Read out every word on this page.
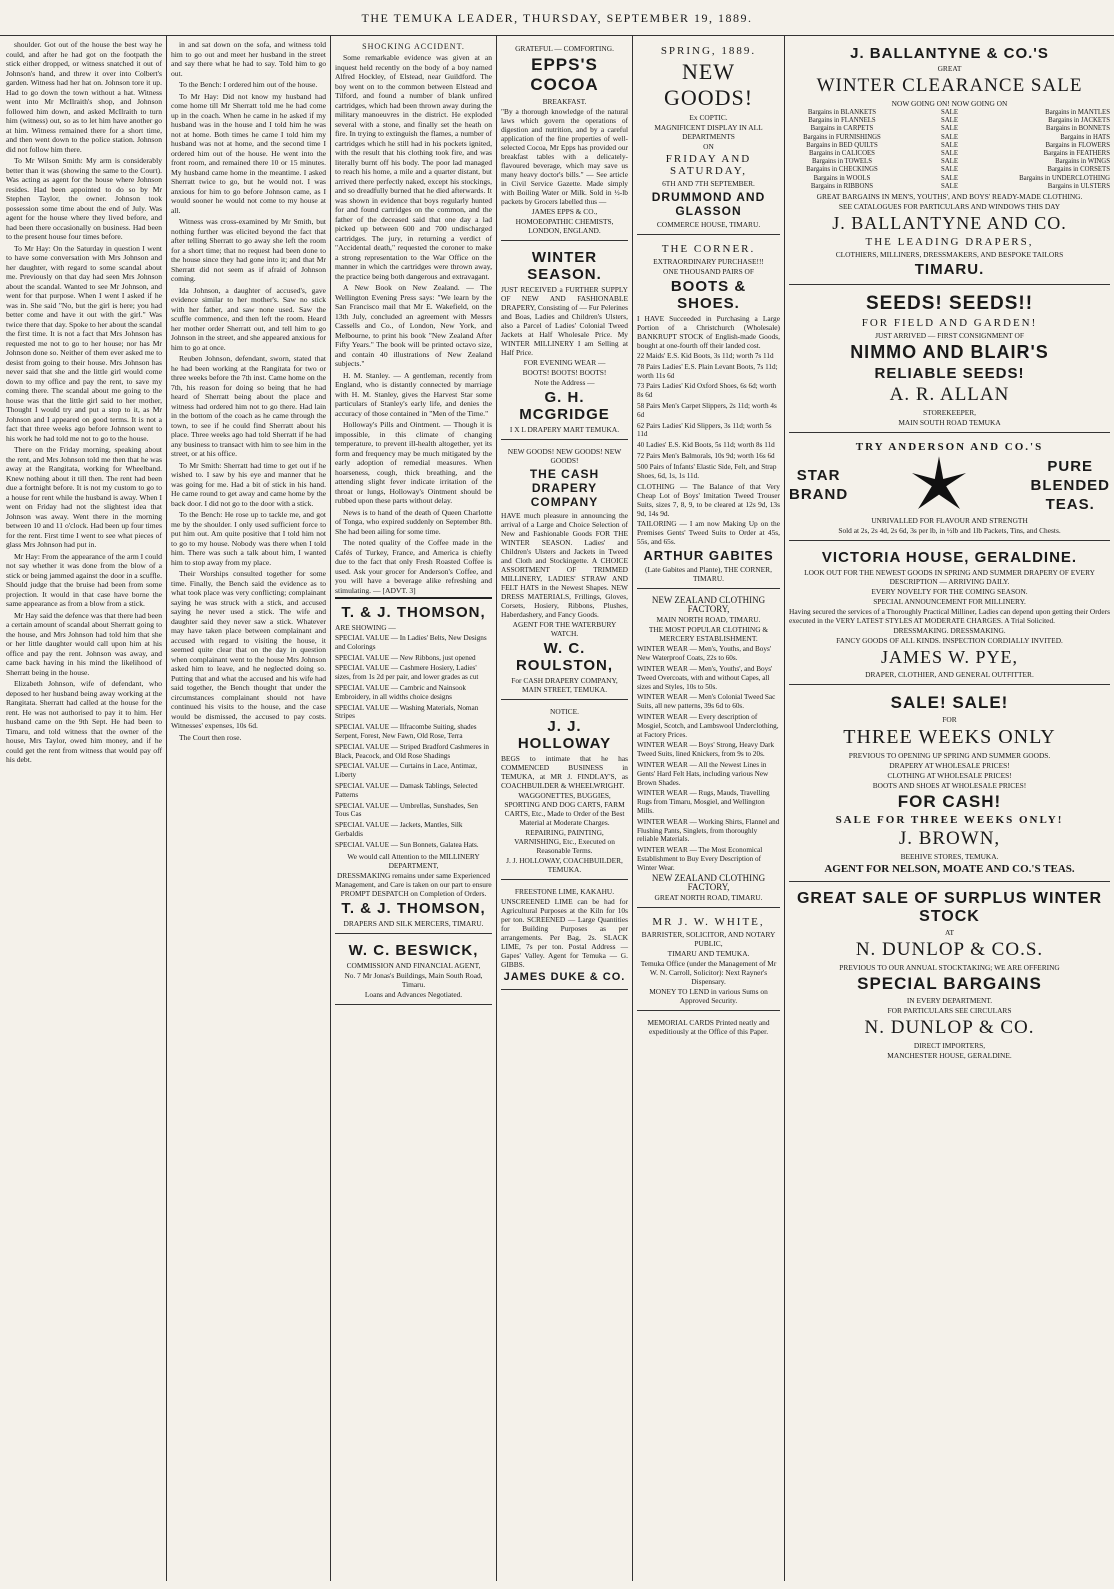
THE TEMUKA LEADER, THURSDAY, SEPTEMBER 19, 1889.

shoulder. Got out of the house the best way he could, and after he had got on the footpath the stick either dropped, or witness snatched it out of Johnson's hand, and threw it over into Colbert's garden. Witness had her hat on. Johnson tore it up. Had to go down the town without a hat. Witness went into Mr McIlraith's shop, and Johnson followed him down, and asked McIlraith to turn him (witness) out, so as to let him have another go at him. Witness remained there for a short time, and then went down to the police station. Johnson did not follow him there.

To Mr Wilson Smith: My arm is considerably better than it was (showing the same to the Court). Was acting as agent for the house where Johnson resides. Had been appointed to do so by Mr Stephen Taylor, the owner. Johnson took possession some time about the end of July. Was agent for the house where they lived before, and had been there occasionally on business. Had been to the present house four times before.

To Mr Hay: On the Saturday in question I went to have some conversation with Mrs Johnson and her daughter, with regard to some scandal about me. Previously on that day had seen Mrs Johnson about the scandal. Wanted to see Mr Johnson, and went for that purpose. When I went I asked if he was in. She said "No, but the girl is here; you had better come and have it out with the girl." Was twice there that day. Spoke to her about the scandal the first time. It is not a fact that Mrs Johnson has requested me not to go to her house; nor has Mr Johnson done so. Neither of them ever asked me to desist from going to their house. Mrs Johnson has never said that she and the little girl would come down to my office and pay the rent, to save my coming there. The scandal about me going to the house was that the little girl said to her mother, Thought I would try and put a stop to it, as Mr Johnson and I appeared on good terms. It is not a fact that three weeks ago before Johnson went to his work he had told me not to go to the house.

There on the Friday morning, speaking about the rent, and Mrs Johnson told me then that he was away at the Rangitata, working for Wheelband. Knew nothing about it till then. The rent had been due a fortnight before. It is not my custom to go to a house for rent while the husband is away. When I went on Friday had not the slightest idea that Johnson was away. Went there in the morning between 10 and 11 o'clock. Had been up four times for the rent. First time I went to see what pieces of glass Mrs Johnson had put in.

Mr Hay: From the appearance of the arm I could not say whether it was done from the blow of a stick or being jammed against the door in a scuffle. Should judge that the bruise had been from some projection. It would in that case have borne the same appearance as from a blow from a stick.

Mr Hay said the defence was that there had been a certain amount of scandal about Sherratt going to the house, and Mrs Johnson had told him that she or her little daughter would call upon him at his office and pay the rent. Johnson was away, and came back having in his mind the likelihood of Sherratt being in the house.

Elizabeth Johnson, wife of defendant, who deposed to her husband being away working at the Rangitata. Sherratt had called at the house for the rent. He was not authorised to pay it to him. Her husband came on the 9th Sept. He had been to Timaru, and told witness that the owner of the house, Mrs Taylor, owed him money, and if he could get the rent from witness that would pay off his debt.

in and sat down on the sofa, and witness told him to go out and meet her husband in the street and say there what he had to say. Told him to go out.

To the Bench: I ordered him out of the house.

To Mr Hay: Did not know my husband had come home till Mr Sherratt told me he had come up in the coach. When he came in he asked if my husband was in the house and I told him he was not at home. Both times he came I told him my husband was not at home, and the second time I ordered him out of the house. He went into the front room, and remained there 10 or 15 minutes. My husband came home in the meantime. I asked Sherratt twice to go, but he would not. I was anxious for him to go before Johnson came, as I would sooner he would not come to my house at all.

Witness was cross-examined by Mr Smith, but nothing further was elicited beyond the fact that after telling Sherratt to go away she left the room for a short time; that no request had been done to the house since they had gone into it; and that Mr Sherratt did not seem as if afraid of Johnson coming.

Ida Johnson, a daughter of accused's, gave evidence similar to her mother's. Saw no stick with her father, and saw none used. Saw the scuffle commence, and then left the room. Heard her mother order Sherratt out, and tell him to go Johnson in the street, and she appeared anxious for him to go at once.

Reuben Johnson, defendant, sworn, stated that he had been working at the Rangitata for two or three weeks before the 7th inst. Came home on the 7th, his reason for doing so being that he had heard of Sherratt being about the place and witness had ordered him not to go there. Had lain in the bottom of the coach as he came through the town, to see if he could find Sherratt about his place. Three weeks ago had told Sherratt if he had any business to transact with him to see him in the street, or at his office.

To Mr Smith: Sherratt had time to get out if he wished to. I saw by his eye and manner that he was going for me. Had a bit of stick in his hand. He came round to get away and came home by the back door. I did not go to the door with a stick.

To the Bench: He rose up to tackle me, and got me by the shoulder. I only used sufficient force to put him out. Am quite positive that I told him not to go to my house. Nobody was there when I told him. There was such a talk about him, I wanted him to stop away from my place.

Their Worships consulted together for some time. Finally, the Bench said the evidence as to what took place was very conflicting; complainant saying he was struck with a stick, and accused saying he never used a stick. The wife and daughter said they never saw a stick. Whatever may have taken place between complainant and accused with regard to visiting the house, it seemed quite clear that on the day in question when complainant went to the house Mrs Johnson asked him to leave, and he neglected doing so. Putting that and what the accused and his wife had said together, the Bench thought that under the circumstances complainant should not have continued his visits to the house, and the case would be dismissed, the accused to pay costs. Witnesses' expenses, 10s 6d.

The Court then rose.

SHOCKING ACCIDENT.

Some remarkable evidence was given at an inquest held recently on the body of a boy named Alfred Hockley, of Elstead, near Guildford. The boy went on to the common between Elstead and Tilford, and found a number of blank unfired cartridges, which had been thrown away during the military manoeuvres in the district. He exploded several with a stone, and finally set the heath on fire. In trying to extinguish the flames, a number of cartridges which he still had in his pockets ignited, with the result that his clothing took fire, and was literally burnt off his body. The poor lad managed to reach his home, a mile and a quarter distant, but arrived there perfectly naked, except his stockings, and so dreadfully burned that he died afterwards. It was shown in evidence that boys regularly hunted for and found cartridges on the common, and the father of the deceased said that one day a lad picked up between 600 and 700 undischarged cartridges. The jury, in returning a verdict of "Accidental death," requested the coroner to make a strong representation to the War Office on the manner in which the cartridges were thrown away, the practice being both dangerous and extravagant.

A New Book on New Zealand. — The Wellington Evening Press says: "We learn by the San Francisco mail that Mr E. Wakefield, on the 13th July, concluded an agreement with Messrs Cassells and Co., of London, New York, and Melbourne, to print his book "New Zealand After Fifty Years." The book will be printed octavo size, and contain 40 illustrations of New Zealand subjects."

H. M. Stanley. — A gentleman, recently from England, who is distantly connected by marriage with H. M. Stanley, gives the Harvest Star some particulars of Stanley's early life, and denies the accuracy of those contained in "Men of the Time."

Holloway's Pills and Ointment. — Though it is impossible, in this climate of changing temperature, to prevent ill-health altogether, yet its form and frequency may be much mitigated by the early adoption of remedial measures. When hoarseness, cough, thick breathing, and the attending slight fever indicate irritation of the throat or lungs, Holloway's Ointment should be rubbed upon these parts without delay.

News is to hand of the death of Queen Charlotte of Tonga, who expired suddenly on September 8th. She had been ailing for some time.

The noted quality of the Coffee made in the Cafés of Turkey, France, and America is chiefly due to the fact that only Fresh Roasted Coffee is used. Ask your grocer for Anderson's Coffee, and you will have a beverage alike refreshing and stimulating. — [ADVT. 3]

T. & J. THOMSON,
ARE SHOWING —
SPECIAL VALUE — In Ladies' Belts, New Designs and Colorings
SPECIAL VALUE — New Ribbons, just opened
SPECIAL VALUE — Cashmere Hosiery, Ladies' sizes, from 1s 2d per pair, and lower grades as cut
SPECIAL VALUE — Cambric and Nainsook Embroidery, in all widths choice designs
SPECIAL VALUE — Washing Materials, Noman Stripes
SPECIAL VALUE — Ilfracombe Suiting, shades Serpent, Forest, New Fawn, Old Rose, Terra
SPECIAL VALUE — Striped Bradford Cashmeres in Black, Peacock, and Old Rose Shadings
SPECIAL VALUE — Curtains in Lace, Antimaz, Liberty
SPECIAL VALUE — Damask Tablings, Selected Patterns
SPECIAL VALUE — Umbrellas, Sunshades, Sen Tous Cas
SPECIAL VALUE — Jackets, Mantles, Silk Gerbaldis
SPECIAL VALUE — Sun Bonnets, Galatea Hats.
We would call Attention to the MILLINERY DEPARTMENT,
DRESSMAKING remains under same Experienced Management, and Care is taken on our part to ensure PROMPT DESPATCH on Completion of Orders.
T. & J. THOMSON,
DRAPERS AND SILK MERCERS, TIMARU.
W. C. BESWICK,
COMMISSION AND FINANCIAL AGENT,
No. 7 Mr Jonas's Buildings, Main South Road, Timaru.
Loans and Advances Negotiated.
GRATEFUL — COMFORTING.
EPPS'S COCOA
BREAKFAST.
"By a thorough knowledge of the natural laws which govern the operations of digestion and nutrition, and by a careful application of the fine properties of well-selected Cocoa, Mr Epps has provided our breakfast tables with a delicately-flavoured beverage, which may save us many heavy doctor's bills." — See article in Civil Service Gazette. Made simply with Boiling Water or Milk. Sold in ½-lb packets by Grocers labelled thus —
JAMES EPPS & CO.,
HOMOEOPATHIC CHEMISTS, LONDON, ENGLAND.
WINTER SEASON.
JUST RECEIVED a FURTHER SUPPLY OF NEW AND FASHIONABLE DRAPERY, Consisting of — Fur Pelerines and Boas, Ladies and Children's Ulsters, also a Parcel of Ladies' Colonial Tweed Jackets at Half Wholesale Price. My WINTER MILLINERY I am Selling at Half Price.
FOR EVENING WEAR —
BOOTS! BOOTS! BOOTS!
Note the Address —
G. H. MCGRIDGE
I X L DRAPERY MART TEMUKA.
NEW GOODS! NEW GOODS! NEW GOODS!
THE CASH DRAPERY COMPANY
HAVE much pleasure in announcing the arrival of a Large and Choice Selection of New and Fashionable Goods FOR THE WINTER SEASON. Ladies' and Children's Ulsters and Jackets in Tweed and Cloth and Stockingette. A CHOICE ASSORTMENT OF TRIMMED MILLINERY, LADIES' STRAW AND FELT HATS in the Newest Shapes. NEW DRESS MATERIALS, Frillings, Gloves, Corsets, Hosiery, Ribbons, Plushes, Haberdashery, and Fancy Goods.
AGENT FOR THE WATERBURY WATCH.
W. C. ROULSTON,
For CASH DRAPERY COMPANY, MAIN STREET, TEMUKA.
NOTICE.
J. J. HOLLOWAY
BEGS to intimate that he has COMMENCED BUSINESS in TEMUKA, at MR J. FINDLAY'S, as COACHBUILDER & WHEELWRIGHT.
WAGGONETTES, BUGGIES, SPORTING AND DOG CARTS, FARM CARTS, Etc., Made to Order of the Best Material at Moderate Charges.
REPAIRING, PAINTING, VARNISHING, Etc., Executed on Reasonable Terms.
J. J. HOLLOWAY, COACHBUILDER, TEMUKA.
FREESTONE LIME, KAKAHU.
UNSCREENED LIME can be had for Agricultural Purposes at the Kiln for 10s per ton. SCREENED — Large Quantities for Building Purposes as per arrangements. Per Bag, 2s. SLACK LIME, 7s per ton. Postal Address — Gapes' Valley. Agent for Temuka — G. GIBBS.
JAMES DUKE & CO.
SPRING, 1889.
NEW GOODS!
Ex COPTIC.
MAGNIFICENT DISPLAY IN ALL DEPARTMENTS
ON
FRIDAY AND SATURDAY,
6TH AND 7TH SEPTEMBER.
DRUMMOND AND GLASSON
COMMERCE HOUSE, TIMARU.
THE CORNER.
EXTRAORDINARY PURCHASE!!!
ONE THOUSAND PAIRS OF
BOOTS & SHOES.
I HAVE Succeeded in Purchasing a Large Portion of a Christchurch (Wholesale) BANKRUPT STOCK of English-made Goods, bought at one-fourth off their landed cost.
22 Maids' E.S. Kid Boots, 3s 11d; worth 7s 11d
78 Pairs Ladies' E.S. Plain Levant Boots, 7s 11d; worth 11s 6d
73 Pairs Ladies' Kid Oxford Shoes, 6s 6d; worth 8s 6d
58 Pairs Men's Carpet Slippers, 2s 11d; worth 4s 6d
62 Pairs Ladies' Kid Slippers, 3s 11d; worth 5s 11d
40 Ladies' E.S. Kid Boots, 5s 11d; worth 8s 11d
72 Pairs Men's Balmorals, 10s 9d; worth 16s 6d
500 Pairs of Infants' Elastic Side, Felt, and Strap Shoes, 6d, 1s, 1s 11d.
CLOTHING — The Balance of that Very Cheap Lot of Boys' Imitation Tweed Trouser Suits, sizes 7, 8, 9, to be cleared at 12s 9d, 13s 9d, 14s 9d.
TAILORING — I am now Making Up on the Premises Gents' Tweed Suits to Order at 45s, 55s, and 65s.
ARTHUR GABITES
(Late Gabites and Plante), THE CORNER, TIMARU.
NEW ZEALAND CLOTHING FACTORY,
MAIN NORTH ROAD, TIMARU.
THE MOST POPULAR CLOTHING & MERCERY ESTABLISHMENT.
WINTER WEAR — Men's, Youths, and Boys' New Waterproof Coats, 22s to 60s.
WINTER WEAR — Men's, Youths', and Boys' Tweed Overcoats, with and without Capes, all sizes and Styles, 10s to 50s.
WINTER WEAR — Men's Colonial Tweed Sac Suits, all new patterns, 39s 6d to 60s.
WINTER WEAR — Every description of Mosgiel, Scotch, and Lambswool Underclothing, at Factory Prices.
WINTER WEAR — Boys' Strong, Heavy Dark Tweed Suits, lined Knickers, from 9s to 20s.
WINTER WEAR — All the Newest Lines in Gents' Hard Felt Hats, including various New Brown Shades.
WINTER WEAR — Rugs, Mauds, Travelling Rugs from Timaru, Mosgiel, and Wellington Mills.
WINTER WEAR — Working Shirts, Flannel and Flushing Pants, Singlets, from thoroughly reliable Materials.
WINTER WEAR — The Most Economical Establishment to Buy Every Description of Winter Wear.
NEW ZEALAND CLOTHING FACTORY,
GREAT NORTH ROAD, TIMARU.
MR J. W. WHITE,
BARRISTER, SOLICITOR, AND NOTARY PUBLIC,
TIMARU AND TEMUKA.
Temuka Office (under the Management of Mr W. N. Carroll, Solicitor): Next Rayner's Dispensary.
MONEY TO LEND in various Sums on Approved Security.
MEMORIAL CARDS Printed neatly and expeditiously at the Office of this Paper.
J. BALLANTYNE & CO.'S
GREAT
WINTER CLEARANCE SALE
NOW GOING ON! NOW GOING ON
Bargains in BLANKETS	SALE	Bargains in MANTLES
Bargains in FLANNELS	SALE	Bargains in JACKETS
Bargains in CARPETS	SALE	Bargains in BONNETS
Bargains in FURNISHINGS	SALE	Bargains in HATS
Bargains in BED QUILTS	SALE	Bargains in FLOWERS
Bargains in CALICOES	SALE	Bargains in FEATHERS
Bargains in TOWELS	SALE	Bargains in WINGS
Bargains in CHECKINGS	SALE	Bargains in CORSETS
Bargains in WOOLS	SALE	Bargains in UNDERCLOTHING
Bargains in RIBBONS	SALE	Bargains in ULSTERS
GREAT BARGAINS IN MEN'S, YOUTHS', AND BOYS' READY-MADE CLOTHING.
SEE CATALOGUES FOR PARTICULARS AND WINDOWS THIS DAY
J. BALLANTYNE AND CO.
THE LEADING DRAPERS,
CLOTHIERS, MILLINERS, DRESSMAKERS, AND BESPOKE TAILORS
TIMARU.
SEEDS! SEEDS!!
FOR FIELD AND GARDEN!
JUST ARRIVED — FIRST CONSIGNMENT OF
NIMMO AND BLAIR'S
RELIABLE SEEDS!
A. R. ALLAN
STOREKEEPER,
MAIN SOUTH ROAD TEMUKA
TRY ANDERSON AND CO.'S
STAR
BRAND
PURE
BLENDED
TEAS.
UNRIVALLED FOR FLAVOUR AND STRENGTH
Sold at 2s, 2s 4d, 2s 6d, 3s per lb, in ½lb and 1lb Packets, Tins, and Chests.
VICTORIA HOUSE, GERALDINE.
LOOK OUT FOR THE NEWEST GOODS IN SPRING AND SUMMER DRAPERY OF EVERY DESCRIPTION — ARRIVING DAILY.
EVERY NOVELTY FOR THE COMING SEASON.
SPECIAL ANNOUNCEMENT FOR MILLINERY.
Having secured the services of a Thoroughly Practical Milliner, Ladies can depend upon getting their Orders executed in the VERY LATEST STYLES AT MODERATE CHARGES. A Trial Solicited.
DRESSMAKING. DRESSMAKING.
FANCY GOODS OF ALL KINDS. INSPECTION CORDIALLY INVITED.
JAMES W. PYE,
DRAPER, CLOTHIER, AND GENERAL OUTFITTER.
SALE! SALE!
FOR
THREE WEEKS ONLY
PREVIOUS TO OPENING UP SPRING AND SUMMER GOODS.
DRAPERY AT WHOLESALE PRICES!
CLOTHING AT WHOLESALE PRICES!
BOOTS AND SHOES AT WHOLESALE PRICES!
FOR CASH!
SALE FOR THREE WEEKS ONLY!
J. BROWN,
BEEHIVE STORES, TEMUKA.
AGENT FOR NELSON, MOATE AND CO.'S TEAS.
GREAT SALE OF SURPLUS WINTER STOCK
AT
N. DUNLOP & CO.S.
PREVIOUS TO OUR ANNUAL STOCKTAKING; WE ARE OFFERING
SPECIAL BARGAINS
IN EVERY DEPARTMENT.
FOR PARTICULARS SEE CIRCULARS
N. DUNLOP & CO.
DIRECT IMPORTERS,
MANCHESTER HOUSE, GERALDINE.
